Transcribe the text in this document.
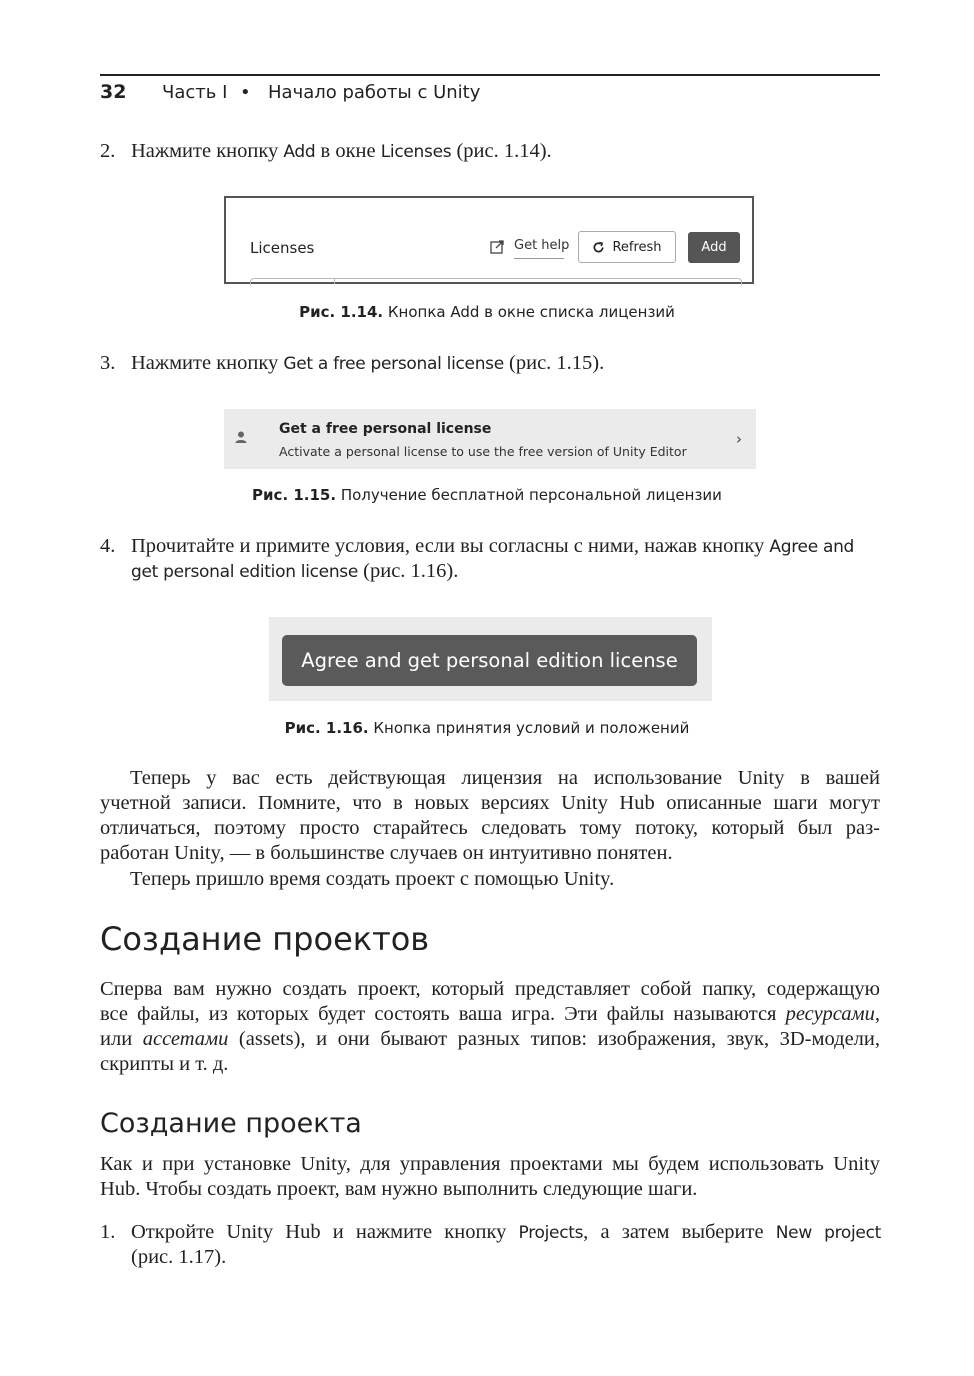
32 Часть I • Начало работы с Unity
2. Нажмите кнопку Add в окне Licenses (рис. 1.14).
Licenses	Get help	Refresh	Add
Рис. 1.14. Кнопка Add в окне списка лицензий
3. Нажмите кнопку Get a free personal license (рис. 1.15).
Get a free personal license
Activate a personal license to use the free version of Unity Editor
›
Рис. 1.15. Получение бесплатной персональной лицензии
4. Прочитайте и примите условия, если вы согласны с ними, нажав кнопку Agree and
get personal edition license (рис. 1.16).
Agree and get personal edition license
Рис. 1.16. Кнопка принятия условий и положений
Теперь у вас есть действующая лицензия на использование Unity в вашей
учетной записи. Помните, что в новых версиях Unity Hub описанные шаги могут
отличаться, поэтому просто старайтесь следовать тому потоку, который был раз-
работан Unity, — в большинстве случаев он интуитивно понятен.
Теперь пришло время создать проект с помощью Unity.
Создание проектов
Сперва вам нужно создать проект, который представляет собой папку, содержащую
все файлы, из которых будет состоять ваша игра. Эти файлы называются ресурсами,
или ассетами (assets), и они бывают разных типов: изображения, звук, 3D-модели,
скрипты и т. д.
Создание проекта
Как и при установке Unity, для управления проектами мы будем использовать Unity
Hub. Чтобы создать проект, вам нужно выполнить следующие шаги.
1. Откройте Unity Hub и нажмите кнопку Projects, а затем выберите New project
(рис. 1.17).
